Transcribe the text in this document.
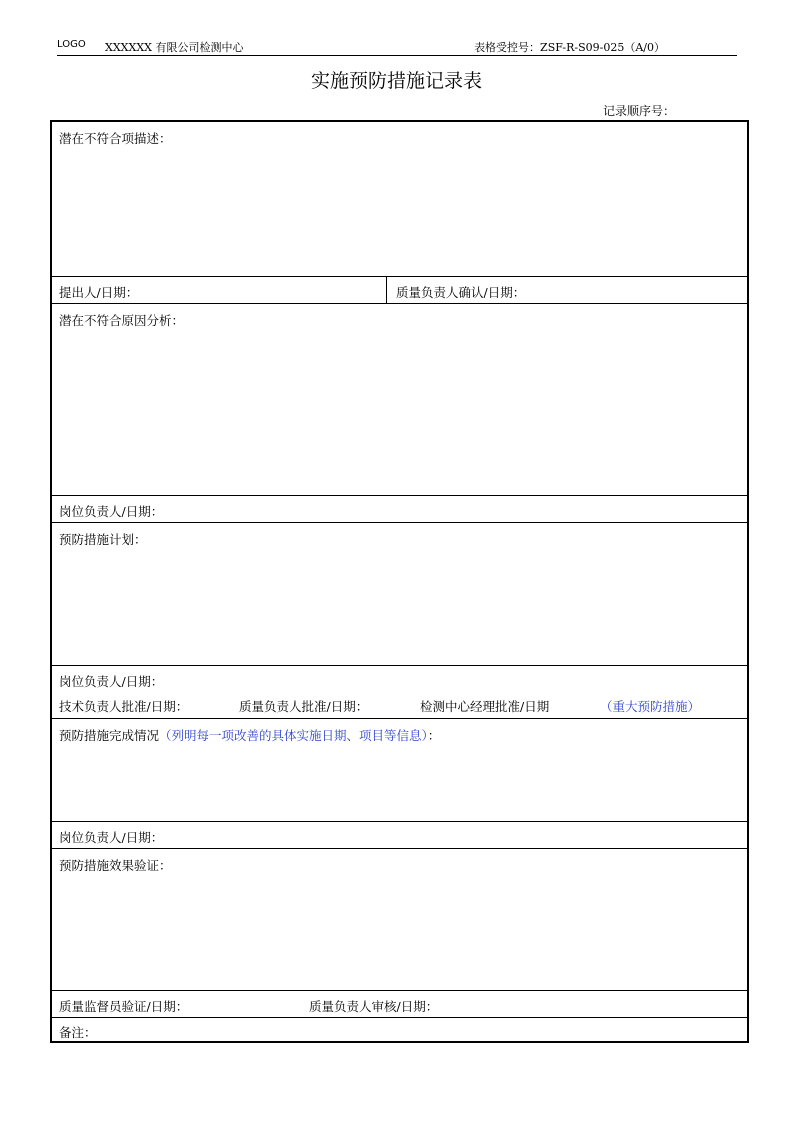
LOGO XXXXXX 有限公司检测中心	表格受控号：ZSF-R-S09-025（A/0）
实施预防措施记录表
记录顺序号：
潜在不符合项描述：
提出人/日期：	质量负责人确认/日期：
潜在不符合原因分析：
岗位负责人/日期：
预防措施计划：
岗位负责人/日期：
技术负责人批准/日期：	质量负责人批准/日期：	检测中心经理批准/日期	（重大预防措施）
预防措施完成情况（列明每一项改善的具体实施日期、项目等信息）：
岗位负责人/日期：
预防措施效果验证：
质量监督员验证/日期：	质量负责人审核/日期：
备注：
